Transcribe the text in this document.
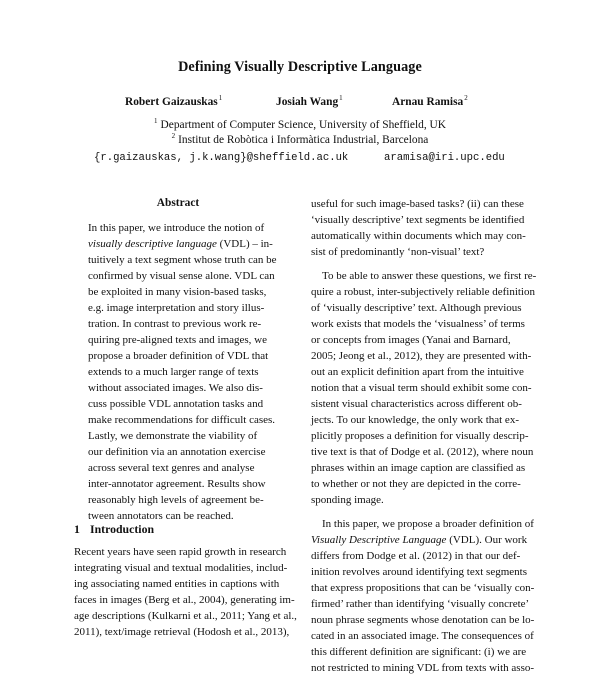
Defining Visually Descriptive Language
Robert Gaizauskas$^1$	Josiah Wang$^1$	Arnau Ramisa$^2$
$^1$ Department of Computer Science, University of Sheffield, UK
$^2$ Institut de Robòtica i Informàtica Industrial, Barcelona
{r.gaizauskas, j.k.wang}@sheffield.ac.uk	aramisa@iri.upc.edu
Abstract
In this paper, we introduce the notion of
visually descriptive language (VDL) – in-
tuitively a text segment whose truth can be
confirmed by visual sense alone. VDL can
be exploited in many vision-based tasks,
e.g. image interpretation and story illus-
tration. In contrast to previous work re-
quiring pre-aligned texts and images, we
propose a broader definition of VDL that
extends to a much larger range of texts
without associated images. We also dis-
cuss possible VDL annotation tasks and
make recommendations for difficult cases.
Lastly, we demonstrate the viability of
our definition via an annotation exercise
across several text genres and analyse
inter-annotator agreement. Results show
reasonably high levels of agreement be-
tween annotators can be reached.
1 Introduction
Recent years have seen rapid growth in research
integrating visual and textual modalities, includ-
ing associating named entities in captions with
faces in images (Berg et al., 2004), generating im-
age descriptions (Kulkarni et al., 2011; Yang et al.,
2011), text/image retrieval (Hodosh et al., 2013),
useful for such image-based tasks? (ii) can these
‘visually descriptive’ text segments be identified
automatically within documents which may con-
sist of predominantly ‘non-visual’ text?
To be able to answer these questions, we first re-
quire a robust, inter-subjectively reliable definition
of ‘visually descriptive’ text. Although previous
work exists that models the ‘visualness’ of terms
or concepts from images (Yanai and Barnard,
2005; Jeong et al., 2012), they are presented with-
out an explicit definition apart from the intuitive
notion that a visual term should exhibit some con-
sistent visual characteristics across different ob-
jects. To our knowledge, the only work that ex-
plicitly proposes a definition for visually descrip-
tive text is that of Dodge et al. (2012), where noun
phrases within an image caption are classified as
to whether or not they are depicted in the corre-
sponding image.
In this paper, we propose a broader definition of
Visually Descriptive Language (VDL). Our work
differs from Dodge et al. (2012) in that our def-
inition revolves around identifying text segments
that express propositions that can be ‘visually con-
firmed’ rather than identifying ‘visually concrete’
noun phrase segments whose denotation can be lo-
cated in an associated image. The consequences of
this different definition are significant: (i) we are
not restricted to mining VDL from texts with asso-
